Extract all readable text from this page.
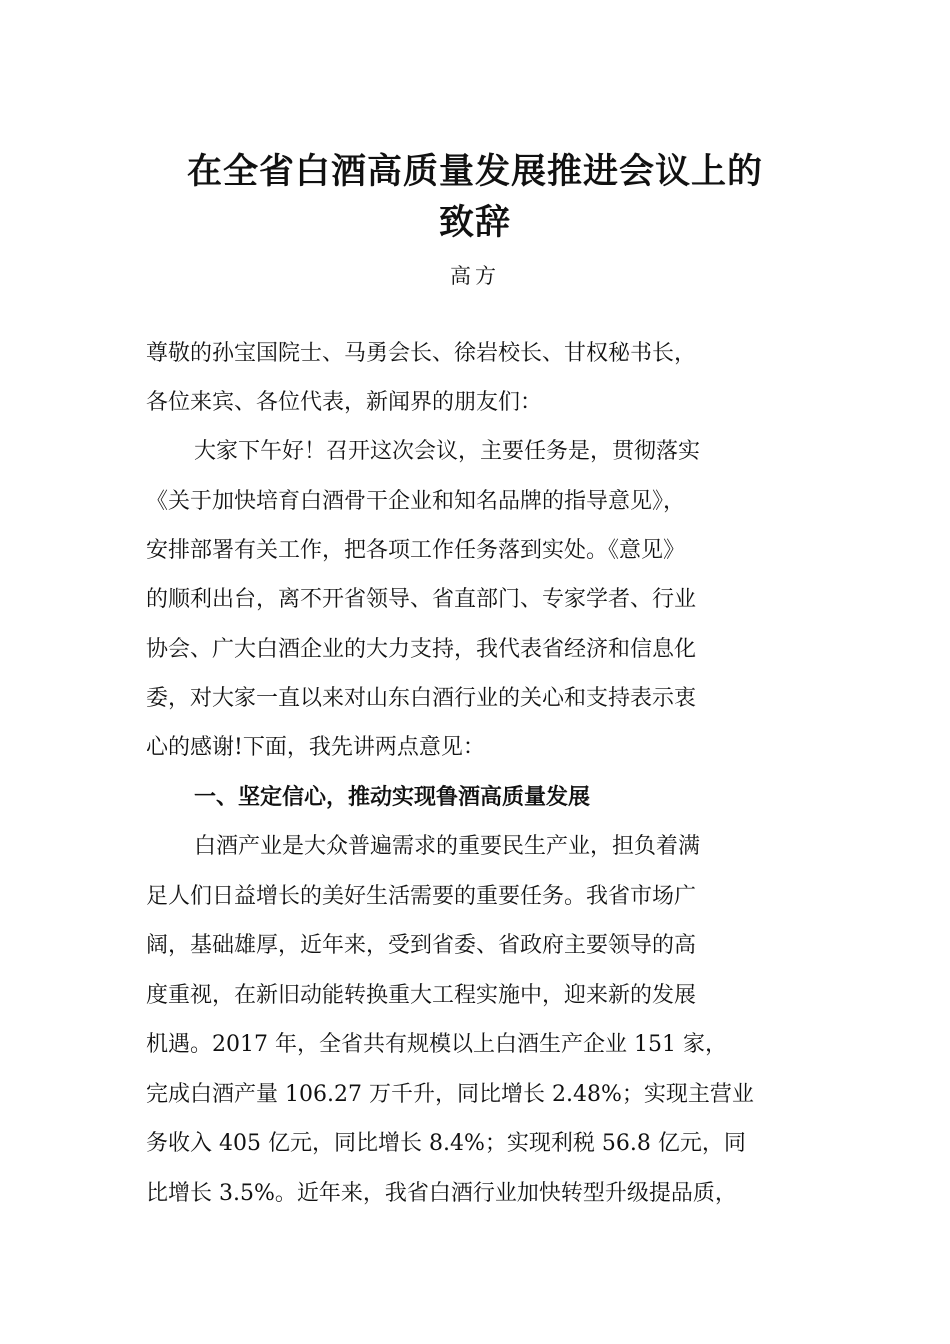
在全省白酒高质量发展推进会议上的
致辞
高方
尊敬的孙宝国院士、马勇会长、徐岩校长、甘权秘书长，
各位来宾、各位代表，新闻界的朋友们：
大家下午好！召开这次会议，主要任务是，贯彻落实
《关于加快培育白酒骨干企业和知名品牌的指导意见》，
安排部署有关工作，把各项工作任务落到实处。《意见》
的顺利出台，离不开省领导、省直部门、专家学者、行业
协会、广大白酒企业的大力支持，我代表省经济和信息化
委，对大家一直以来对山东白酒行业的关心和支持表示衷
心的感谢!下面，我先讲两点意见：
一、坚定信心，推动实现鲁酒高质量发展
白酒产业是大众普遍需求的重要民生产业，担负着满
足人们日益增长的美好生活需要的重要任务。我省市场广
阔，基础雄厚，近年来，受到省委、省政府主要领导的高
度重视，在新旧动能转换重大工程实施中，迎来新的发展
机遇。2017 年，全省共有规模以上白酒生产企业 151 家，
完成白酒产量 106.27 万千升，同比增长 2.48%；实现主营业
务收入 405 亿元，同比增长 8.4%；实现利税 56.8 亿元，同
比增长 3.5%。近年来，我省白酒行业加快转型升级提品质，
